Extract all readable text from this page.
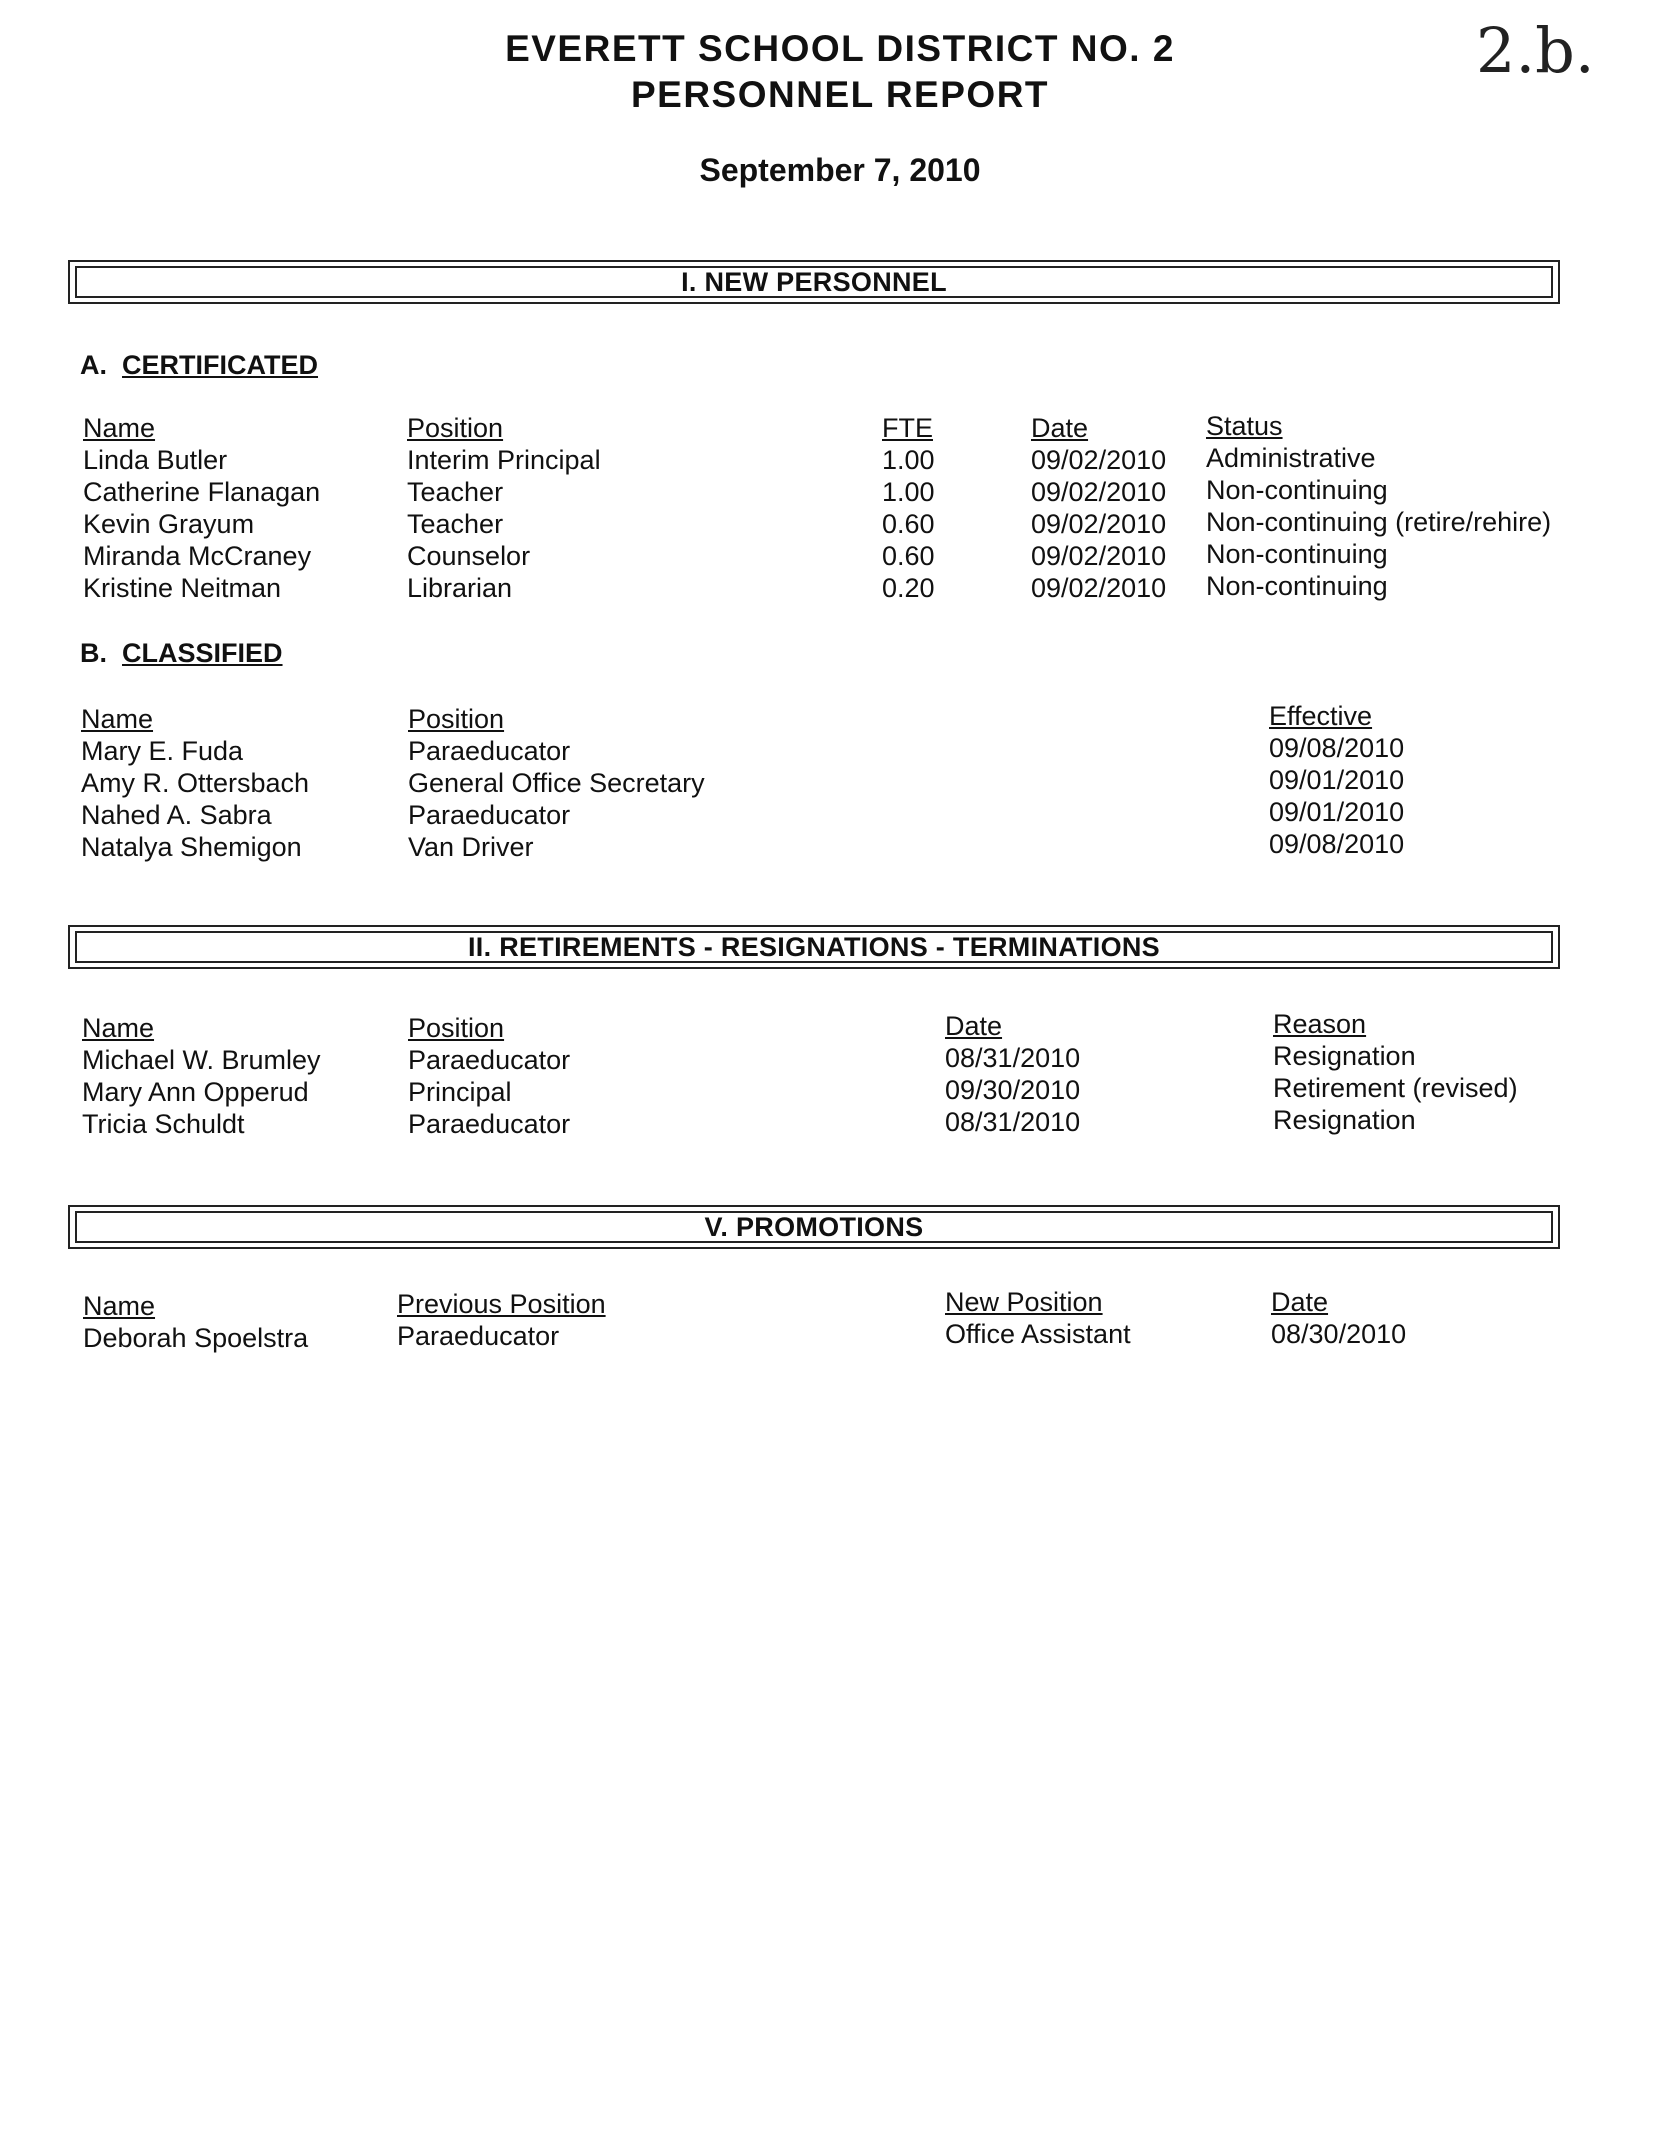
EVERETT SCHOOL DISTRICT NO. 2
PERSONNEL REPORT
September 7, 2010
2.b.
I. NEW PERSONNEL
A. CERTIFICATED
Name
Linda Butler
Catherine Flanagan
Kevin Grayum
Miranda McCraney
Kristine Neitman
Position
Interim Principal
Teacher
Teacher
Counselor
Librarian
FTE
1.00
1.00
0.60
0.60
0.20
Date
09/02/2010
09/02/2010
09/02/2010
09/02/2010
09/02/2010
Status
Administrative
Non-continuing
Non-continuing (retire/rehire)
Non-continuing
Non-continuing
B. CLASSIFIED
Name
Mary E. Fuda
Amy R. Ottersbach
Nahed A. Sabra
Natalya Shemigon
Position
Paraeducator
General Office Secretary
Paraeducator
Van Driver
Effective
09/08/2010
09/01/2010
09/01/2010
09/08/2010
II. RETIREMENTS - RESIGNATIONS - TERMINATIONS
Name
Michael W. Brumley
Mary Ann Opperud
Tricia Schuldt
Position
Paraeducator
Principal
Paraeducator
Date
08/31/2010
09/30/2010
08/31/2010
Reason
Resignation
Retirement (revised)
Resignation
V. PROMOTIONS
Name
Deborah Spoelstra
Previous Position
Paraeducator
New Position
Office Assistant
Date
08/30/2010
